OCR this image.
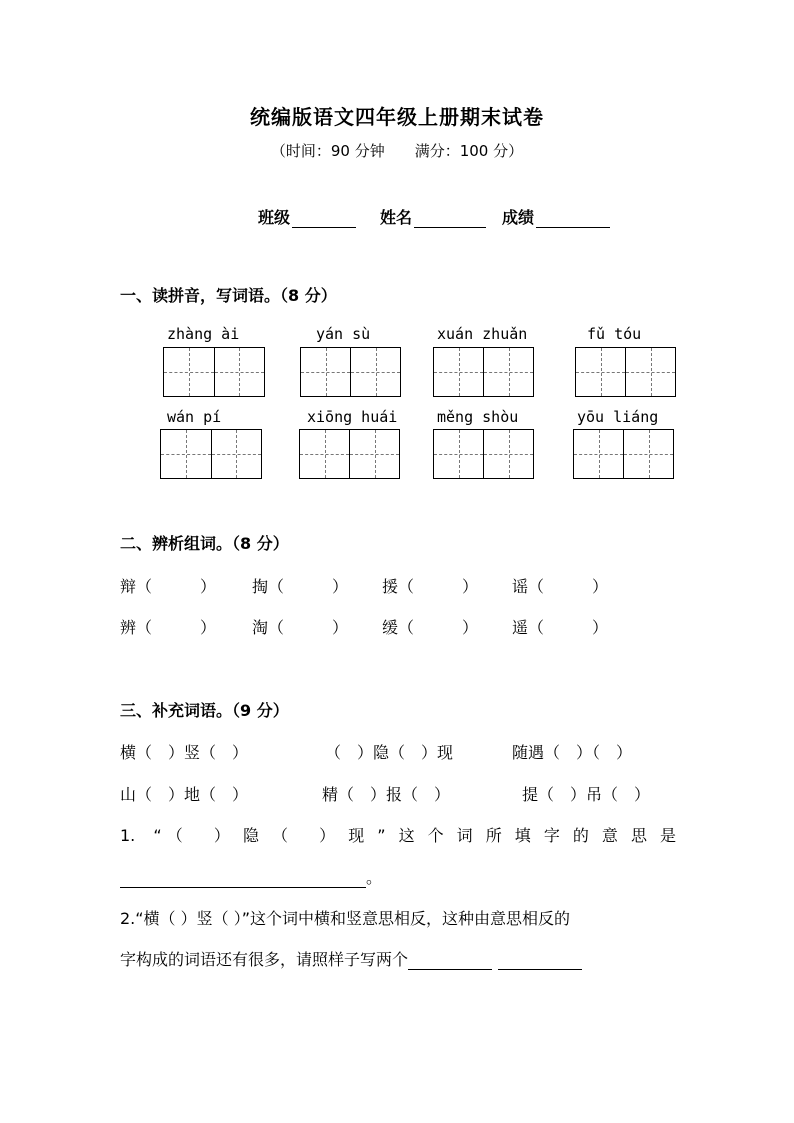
统编版语文四年级上册期末试卷
（时间：90 分钟　　满分：100 分）
班级	姓名	成绩
一、读拼音，写词语。（8 分）
zhàng ài	yán sù	xuán zhuǎn	fǔ tóu
wán pí	xiōng huái	měng shòu	yōu liáng
二、辨析组词。（8 分）
辩（　　　） 掏（　　　） 援（　　　） 谣（　　　）
辨（　　　） 淘（　　　） 缓（　　　） 遥（　　　）
三、补充词语。（9 分）
横（　）竖（　）	（　）隐（　）现	随遇（　）（　）
山（　）地（　）	精（　）报（　）	提（　）吊（　）
1. “（ ）隐（ ）现”这个词所填字的意思是
。
2.“横（ ）竖（ ）”这个词中横和竖意思相反，这种由意思相反的
字构成的词语还有很多，请照样子写两个
